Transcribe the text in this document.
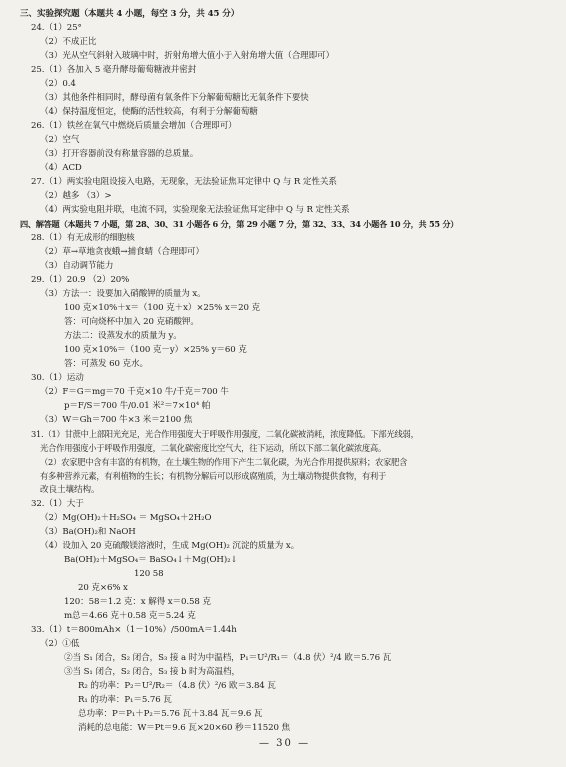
三、实验探究题（本题共 4 小题，每空 3 分，共 45 分）
24.（1）25°
（2）不成正比
（3）光从空气斜射入玻璃中时，折射角增大值小于入射角增大值（合理即可）
25.（1）各加入 5 毫升酵母葡萄糖液并密封
（2）0.4
（3）其他条件相同时，酵母菌有氧条件下分解葡萄糖比无氧条件下要快
（4）保持温度恒定，使酶的活性较高，有利于分解葡萄糖
26.（1）铁丝在氧气中燃烧后质量会增加（合理即可）
（2）空气
（3）打开容器前没有称量容器的总质量。
（4）ACD
27.（1）两实验电阻设接入电路，无现象，无法验证焦耳定律中 Q 与 R 定性关系
（2）越多 （3）>
（4）两实验电阻并联，电流不同，实验现象无法验证焦耳定律中 Q 与 R 定性关系
四、解答题（本题共 7 小题，第 28、30、31 小题各 6 分，第 29 小题 7 分，第 32、33、34 小题各 10 分，共 55 分）
28.（1）有无成形的细胞核
（2）草→草地贪夜蛾→捕食蜻（合理即可）
（3）自动调节能力
29.（1）20.9 （2）20%
（3）方法一：设要加入硝酸钾的质量为 x。
100 克×10%＋x＝（100 克＋x）×25% x＝20 克
答：可向烧杯中加入 20 克硝酸钾。
方法二：设蒸发水的质量为 y。
100 克×10%＝（100 克－y）×25% y＝60 克
答：可蒸发 60 克水。
30.（1）运动
（2）F＝G＝mg＝70 千克×10 牛/千克＝700 牛
p＝F/S＝700 牛/0.01 米²＝7×10⁴ 帕
（3）W＝Gh＝700 牛×3 米＝2100 焦
31.（1）甘蔗中上部阳光充足，光合作用强度大于呼吸作用强度，二氧化碳被消耗，浓度降低。下部光线弱，
光合作用强度小于呼吸作用强度，二氧化碳密度比空气大，往下运动，所以下部二氧化碳浓度高。
（2）农家肥中含有丰富的有机物，在土壤生物的作用下产生二氧化碳，为光合作用提供原料；农家肥含
有多种营养元素，有利植物的生长；有机物分解后可以形成腐殖质，为土壤动物提供食物，有利于
改良土壤结构。
32.（1）大于
（2）Mg(OH)₂＋H₂SO₄ ＝ MgSO₄＋2H₂O
（3）Ba(OH)₂和 NaOH
（4）设加入 20 克硫酸镁溶液时，生成 Mg(OH)₂ 沉淀的质量为 x。
Ba(OH)₂＋MgSO₄＝ BaSO₄↓＋Mg(OH)₂↓
120 58
20 克×6% x
120：58＝1.2 克：x 解得 x＝0.58 克
m总＝4.66 克＋0.58 克＝5.24 克
33.（1）t＝800mAh×（1－10%）/500mA＝1.44h
（2）①低
②当 S₁ 闭合，S₂ 闭合，S₃ 接 a 时为中温档，P₁＝U²/R₁＝（4.8 伏）²/4 欧＝5.76 瓦
③当 S₁ 闭合，S₂ 闭合，S₃ 接 b 时为高温档，
R₂ 的功率：P₂＝U²/R₂＝（4.8 伏）²/6 欧＝3.84 瓦
R₁ 的功率：P₁＝5.76 瓦
总功率：P＝P₁＋P₂＝5.76 瓦＋3.84 瓦＝9.6 瓦
消耗的总电能：W＝Pt＝9.6 瓦×20×60 秒＝11520 焦
— 30 —
